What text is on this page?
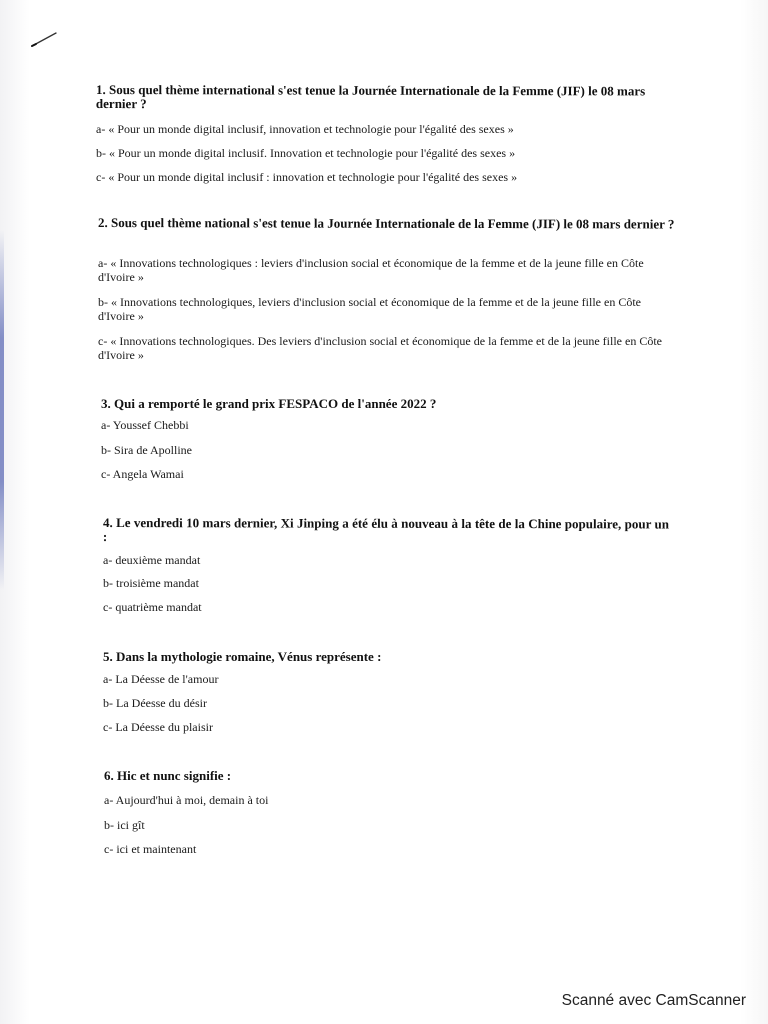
1. Sous quel thème international s'est tenue la Journée Internationale de la Femme (JIF) le 08 mars dernier ?
a- « Pour un monde digital inclusif, innovation et technologie pour l'égalité des sexes »
b- « Pour un monde digital inclusif. Innovation et technologie pour l'égalité des sexes »
c- « Pour un monde digital inclusif : innovation et technologie pour l'égalité des sexes »
2. Sous quel thème national s'est tenue la Journée Internationale de la Femme (JIF) le 08 mars dernier ?
a- « Innovations technologiques : leviers d'inclusion social et économique de la femme et de la jeune fille en Côte d'Ivoire »
b- « Innovations technologiques, leviers d'inclusion social et économique de la femme et de la jeune fille en Côte d'Ivoire »
c- « Innovations technologiques. Des leviers d'inclusion social et économique de la femme et de la jeune fille en Côte d'Ivoire »
3. Qui a remporté le grand prix FESPACO de l'année 2022 ?
a- Youssef Chebbi
b- Sira de Apolline
c- Angela Wamai
4. Le vendredi 10 mars dernier, Xi Jinping a été élu à nouveau à la tête de la Chine populaire, pour un :
a- deuxième mandat
b- troisième mandat
c- quatrième mandat
5. Dans la mythologie romaine, Vénus représente :
a- La Déesse de l'amour
b- La Déesse du désir
c- La Déesse du plaisir
6. Hic et nunc signifie :
a- Aujourd'hui à moi, demain à toi
b- ici gît
c- ici et maintenant
Scanné avec CamScanner
